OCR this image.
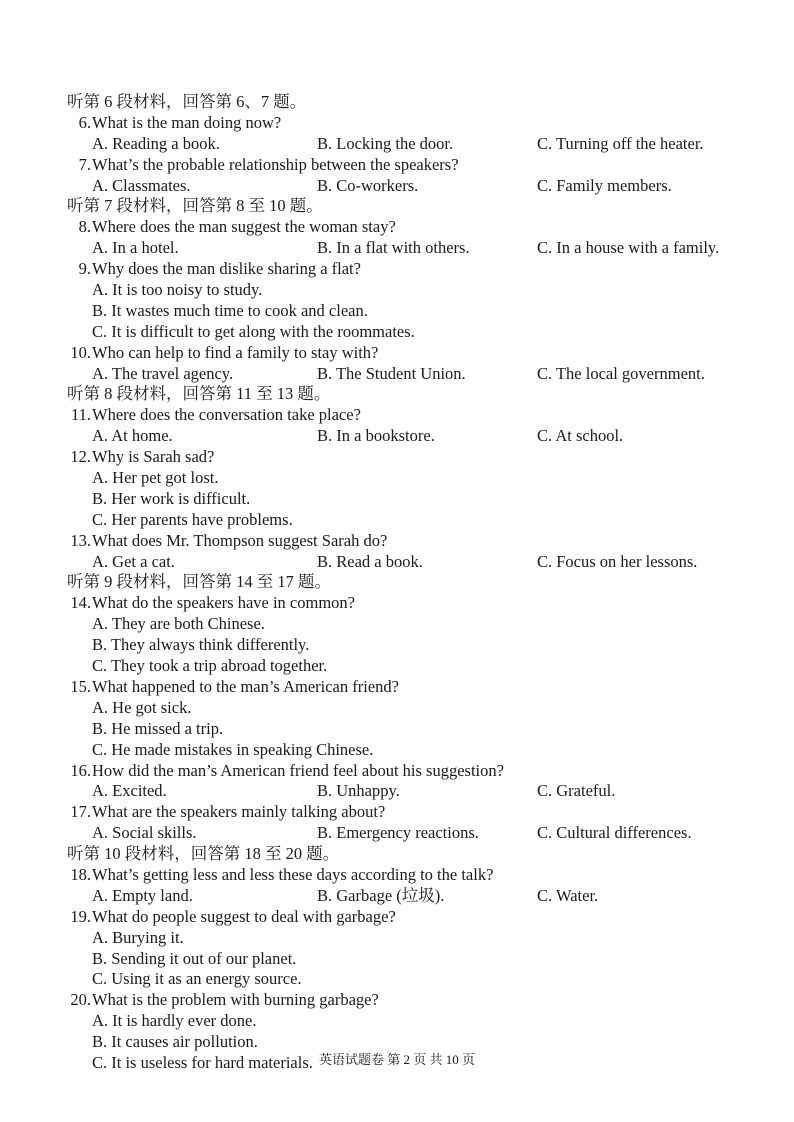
听第 6 段材料，回答第 6、7 题。
6.What is the man doing now?
A. Reading a book.	B. Locking the door.	C. Turning off the heater.
7.What’s the probable relationship between the speakers?
A. Classmates.	B. Co-workers.	C. Family members.
听第 7 段材料，回答第 8 至 10 题。
8.Where does the man suggest the woman stay?
A. In a hotel.	B. In a flat with others.	C. In a house with a family.
9.Why does the man dislike sharing a flat?
A. It is too noisy to study.
B. It wastes much time to cook and clean.
C. It is difficult to get along with the roommates.
10.Who can help to find a family to stay with?
A. The travel agency.	B. The Student Union.	C. The local government.
听第 8 段材料，回答第 11 至 13 题。
11.Where does the conversation take place?
A. At home.	B. In a bookstore.	C. At school.
12.Why is Sarah sad?
A. Her pet got lost.
B. Her work is difficult.
C. Her parents have problems.
13.What does Mr. Thompson suggest Sarah do?
A. Get a cat.	B. Read a book.	C. Focus on her lessons.
听第 9 段材料，回答第 14 至 17 题。
14.What do the speakers have in common?
A. They are both Chinese.
B. They always think differently.
C. They took a trip abroad together.
15.What happened to the man’s American friend?
A. He got sick.
B. He missed a trip.
C. He made mistakes in speaking Chinese.
16.How did the man’s American friend feel about his suggestion?
A. Excited.	B. Unhappy.	C. Grateful.
17.What are the speakers mainly talking about?
A. Social skills.	B. Emergency reactions.	C. Cultural differences.
听第 10 段材料，回答第 18 至 20 题。
18.What’s getting less and less these days according to the talk?
A. Empty land.	B. Garbage (垃圾).	C. Water.
19.What do people suggest to deal with garbage?
A. Burying it.
B. Sending it out of our planet.
C. Using it as an energy source.
20.What is the problem with burning garbage?
A. It is hardly ever done.
B. It causes air pollution.
C. It is useless for hard materials. 英语试题卷 第 2 页 共 10 页
